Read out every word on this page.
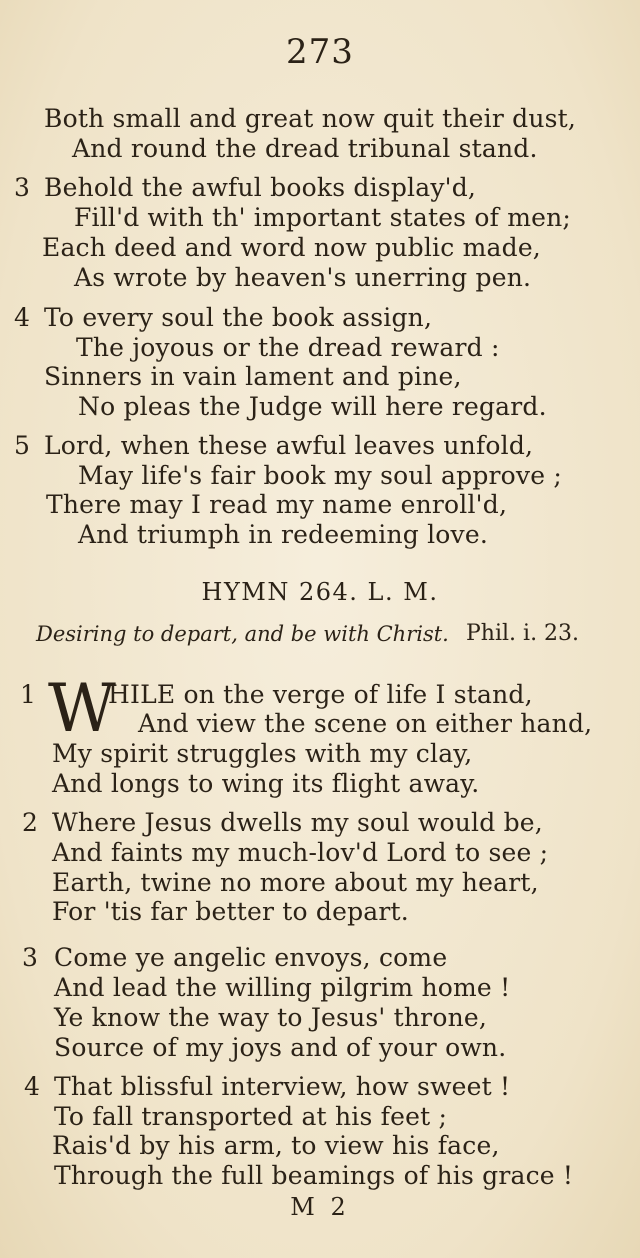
273
Both small and great now quit their dust,
And round the dread tribunal stand.
3 Behold the awful books display'd,
Fill'd with th' important states of men;
Each deed and word now public made,
As wrote by heaven's unerring pen.
4 To every soul the book assign,
The joyous or the dread reward :
Sinners in vain lament and pine,
No pleas the Judge will here regard.
5 Lord, when these awful leaves unfold,
May life's fair book my soul approve ;
There may I read my name enroll'd,
And triumph in redeeming love.
HYMN 264. L. M.
Desiring to depart, and be with Christ. Phil. i. 23.
1 W
HILE on the verge of life I stand,
And view the scene on either hand,
My spirit struggles with my clay,
And longs to wing its flight away.
2 Where Jesus dwells my soul would be,
And faints my much-lov'd Lord to see ;
Earth, twine no more about my heart,
For 'tis far better to depart.
3 Come ye angelic envoys, come
And lead the willing pilgrim home !
Ye know the way to Jesus' throne,
Source of my joys and of your own.
4 That blissful interview, how sweet !
To fall transported at his feet ;
Rais'd by his arm, to view his face,
Through the full beamings of his grace !
M 2
